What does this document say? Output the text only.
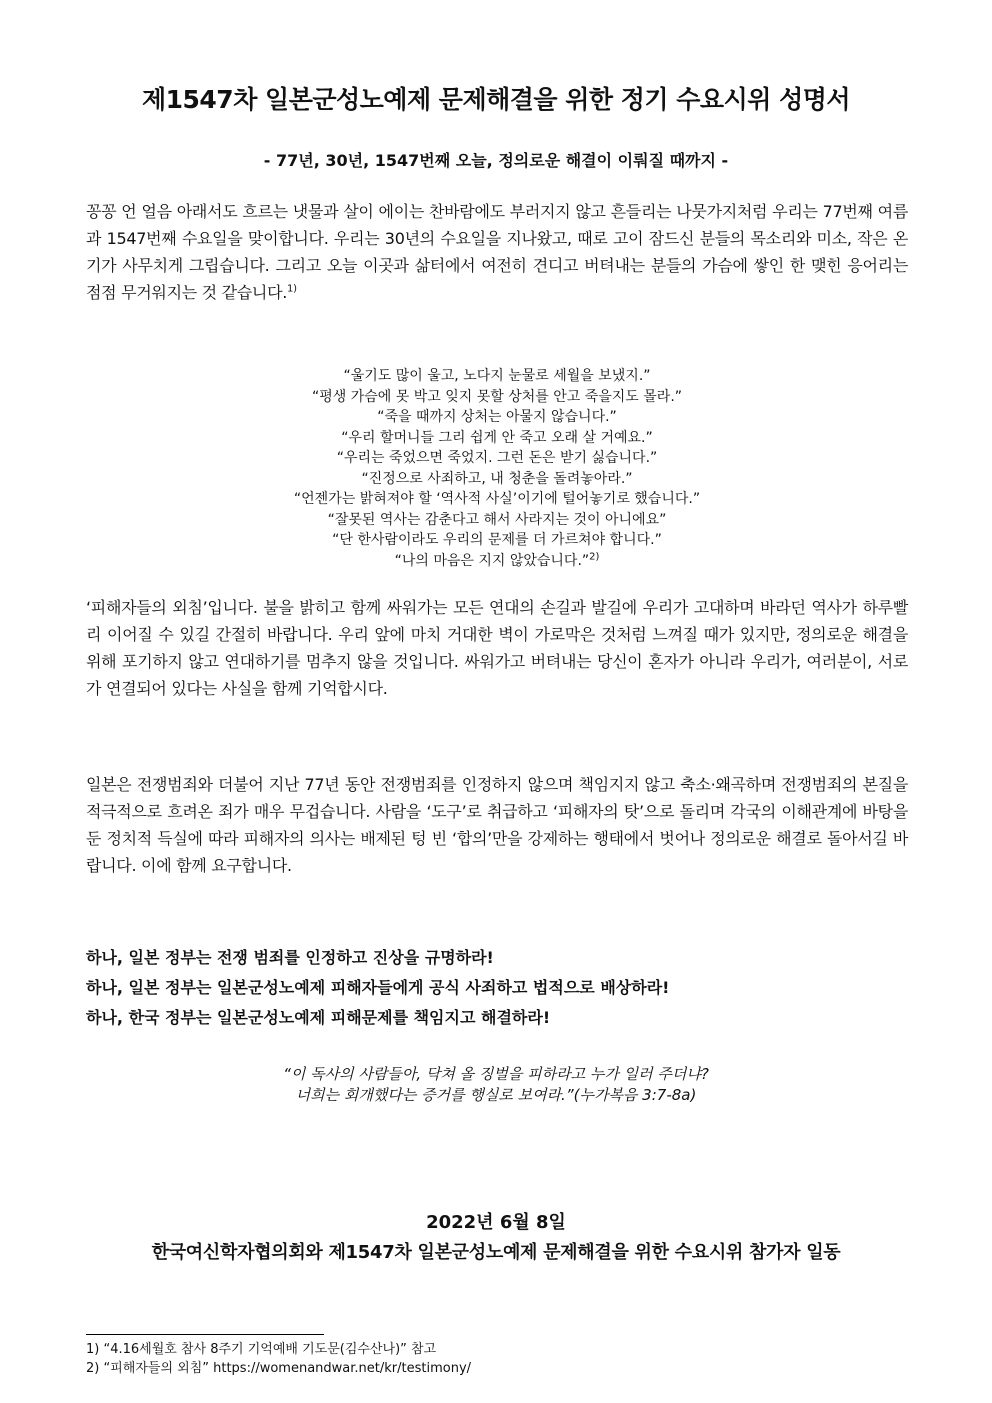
제1547차 일본군성노예제 문제해결을 위한 정기 수요시위 성명서
- 77년, 30년, 1547번째 오늘, 정의로운 해결이 이뤄질 때까지 -

꽁꽁 언 얼음 아래서도 흐르는 냇물과 살이 에이는 찬바람에도 부러지지 않고 흔들리는 나뭇가지처럼 우리는 77번째 여름과 1547번째 수요일을 맞이합니다. 우리는 30년의 수요일을 지나왔고, 때로 고이 잠드신 분들의 목소리와 미소, 작은 온기가 사무치게 그립습니다. 그리고 오늘 이곳과 삶터에서 여전히 견디고 버텨내는 분들의 가슴에 쌓인 한 맺힌 응어리는 점점 무거워지는 것 같습니다.$^{1)}$

“울기도 많이 울고, 노다지 눈물로 세월을 보냈지.”
“평생 가슴에 못 박고 잊지 못할 상처를 안고 죽을지도 몰라.”
“죽을 때까지 상처는 아물지 않습니다.”
“우리 할머니들 그리 쉽게 안 죽고 오래 살 거예요.”
“우리는 죽었으면 죽었지. 그런 돈은 받기 싫습니다.”
“진정으로 사죄하고, 내 청춘을 돌려놓아라.”
“언젠가는 밝혀져야 할 ‘역사적 사실’이기에 털어놓기로 했습니다.”
“잘못된 역사는 감춘다고 해서 사라지는 것이 아니에요”
“단 한사람이라도 우리의 문제를 더 가르쳐야 합니다.”
“나의 마음은 지지 않았습니다.”$^{2)}$

‘피해자들의 외침’입니다. 불을 밝히고 함께 싸워가는 모든 연대의 손길과 발길에 우리가 고대하며 바라던 역사가 하루빨리 이어질 수 있길 간절히 바랍니다. 우리 앞에 마치 거대한 벽이 가로막은 것처럼 느껴질 때가 있지만, 정의로운 해결을 위해 포기하지 않고 연대하기를 멈추지 않을 것입니다. 싸워가고 버텨내는 당신이 혼자가 아니라 우리가, 여러분이, 서로가 연결되어 있다는 사실을 함께 기억합시다.

일본은 전쟁범죄와 더불어 지난 77년 동안 전쟁범죄를 인정하지 않으며 책임지지 않고 축소·왜곡하며 전쟁범죄의 본질을 적극적으로 흐려온 죄가 매우 무겁습니다. 사람을 ‘도구’로 취급하고 ‘피해자의 탓’으로 돌리며 각국의 이해관계에 바탕을 둔 정치적 득실에 따라 피해자의 의사는 배제된 텅 빈 ‘합의’만을 강제하는 행태에서 벗어나 정의로운 해결로 돌아서길 바랍니다. 이에 함께 요구합니다.

하나, 일본 정부는 전쟁 범죄를 인정하고 진상을 규명하라!
하나, 일본 정부는 일본군성노예제 피해자들에게 공식 사죄하고 법적으로 배상하라!
하나, 한국 정부는 일본군성노예제 피해문제를 책임지고 해결하라!
“이 독사의 사람들아, 닥쳐 올 징벌을 피하라고 누가 일러 주더냐?
너희는 회개했다는 증거를 행실로 보여라.”(누가복음 3:7-8a)
2022년 6월 8일
한국여신학자협의회와 제1547차 일본군성노예제 문제해결을 위한 수요시위 참가자 일동
1) “4.16세월호 참사 8주기 기억예배 기도문(김수산나)” 참고
2) “피해자들의 외침” https://womenandwar.net/kr/testimony/
